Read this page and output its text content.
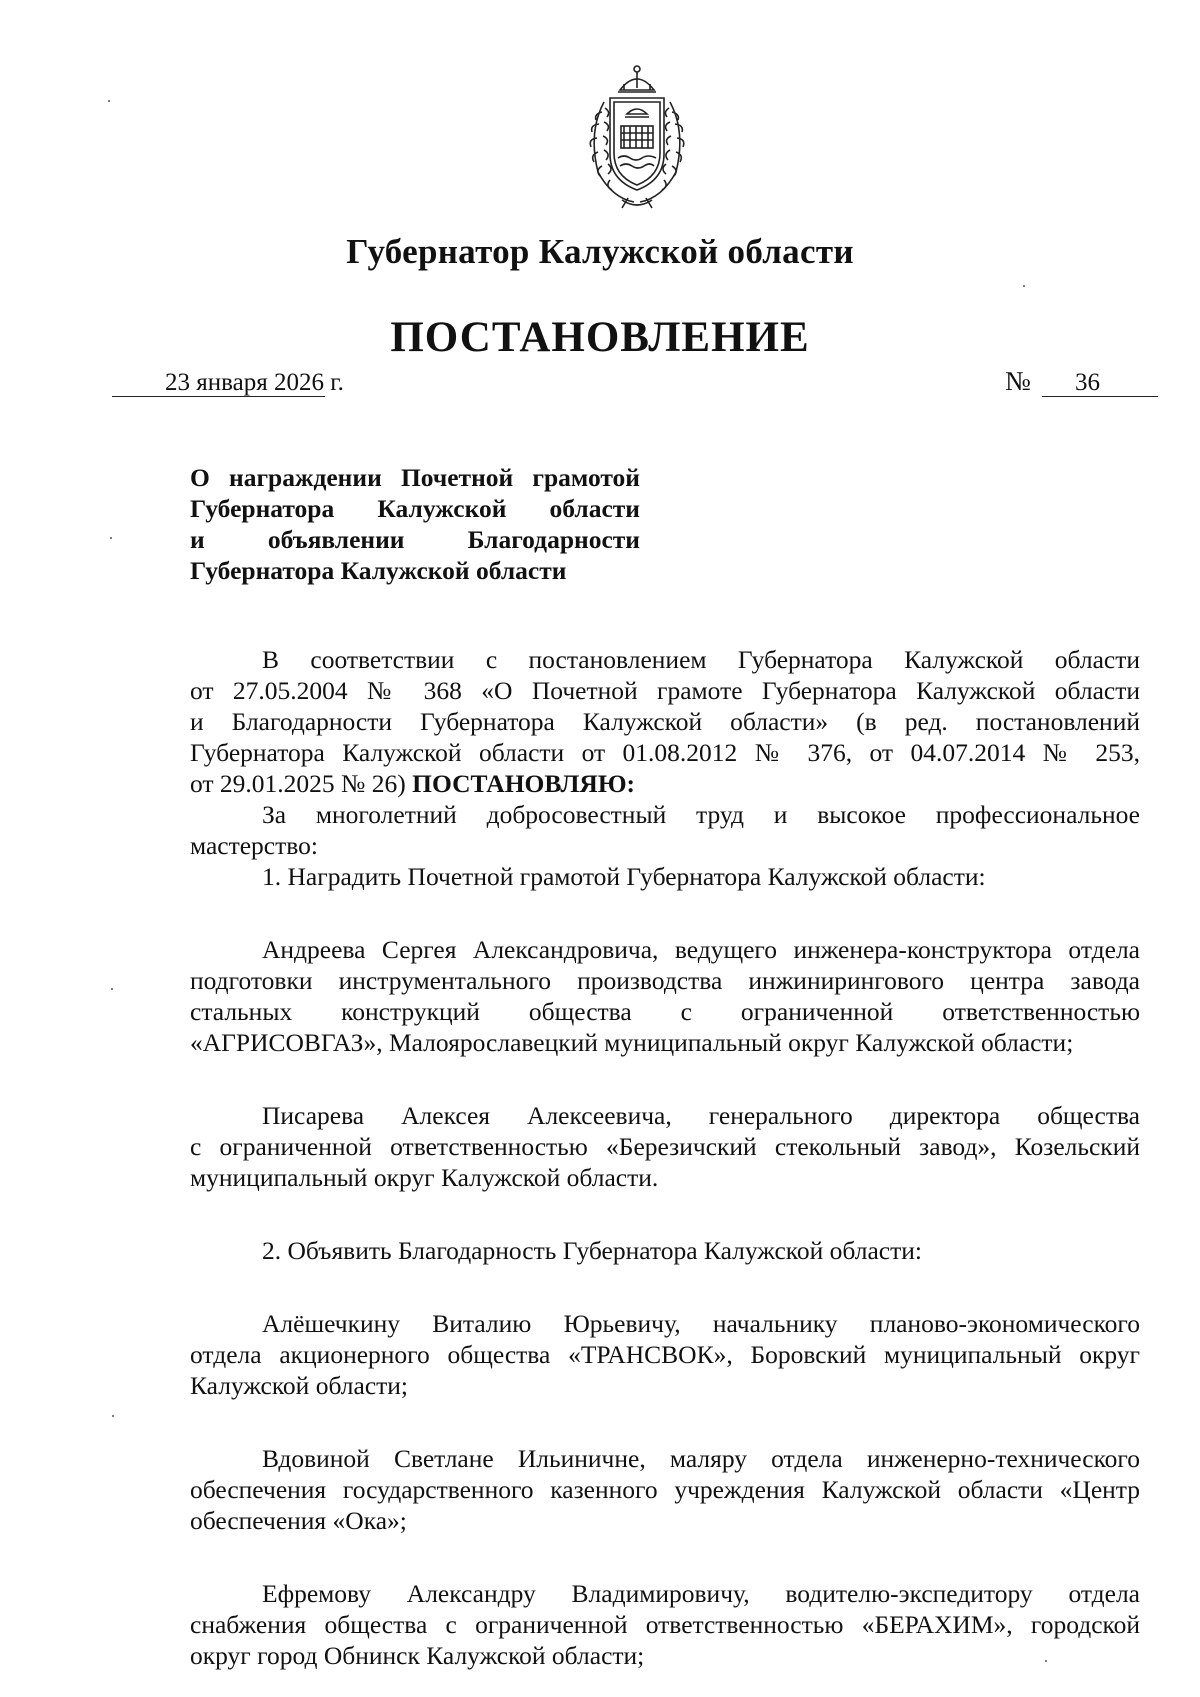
Губернатор Калужской области
ПОСТАНОВЛЕНИЕ
23 января 2026 г.	№ 36
О награждении Почетной грамотой
Губернатора Калужской области
и объявлении Благодарности
Губернатора Калужской области
В соответствии с постановлением Губернатора Калужской области
от 27.05.2004 № 368 «О Почетной грамоте Губернатора Калужской области
и Благодарности Губернатора Калужской области» (в ред. постановлений
Губернатора Калужской области от 01.08.2012 № 376, от 04.07.2014 № 253,
от 29.01.2025 № 26) ПОСТАНОВЛЯЮ:
За многолетний добросовестный труд и высокое профессиональное
мастерство:
1. Наградить Почетной грамотой Губернатора Калужской области:
Андреева Сергея Александровича, ведущего инженера-конструктора отдела
подготовки инструментального производства инжинирингового центра завода
стальных конструкций общества с ограниченной ответственностью
«АГРИСОВГАЗ», Малоярославецкий муниципальный округ Калужской области;
Писарева Алексея Алексеевича, генерального директора общества
с ограниченной ответственностью «Березичский стекольный завод», Козельский
муниципальный округ Калужской области.
2. Объявить Благодарность Губернатора Калужской области:
Алёшечкину Виталию Юрьевичу, начальнику планово-экономического
отдела акционерного общества «ТРАНСВОК», Боровский муниципальный округ
Калужской области;
Вдовиной Светлане Ильиничне, маляру отдела инженерно-технического
обеспечения государственного казенного учреждения Калужской области «Центр
обеспечения «Ока»;
Ефремову Александру Владимировичу, водителю-экспедитору отдела
снабжения общества с ограниченной ответственностью «БЕРАХИМ», городской
округ город Обнинск Калужской области;
